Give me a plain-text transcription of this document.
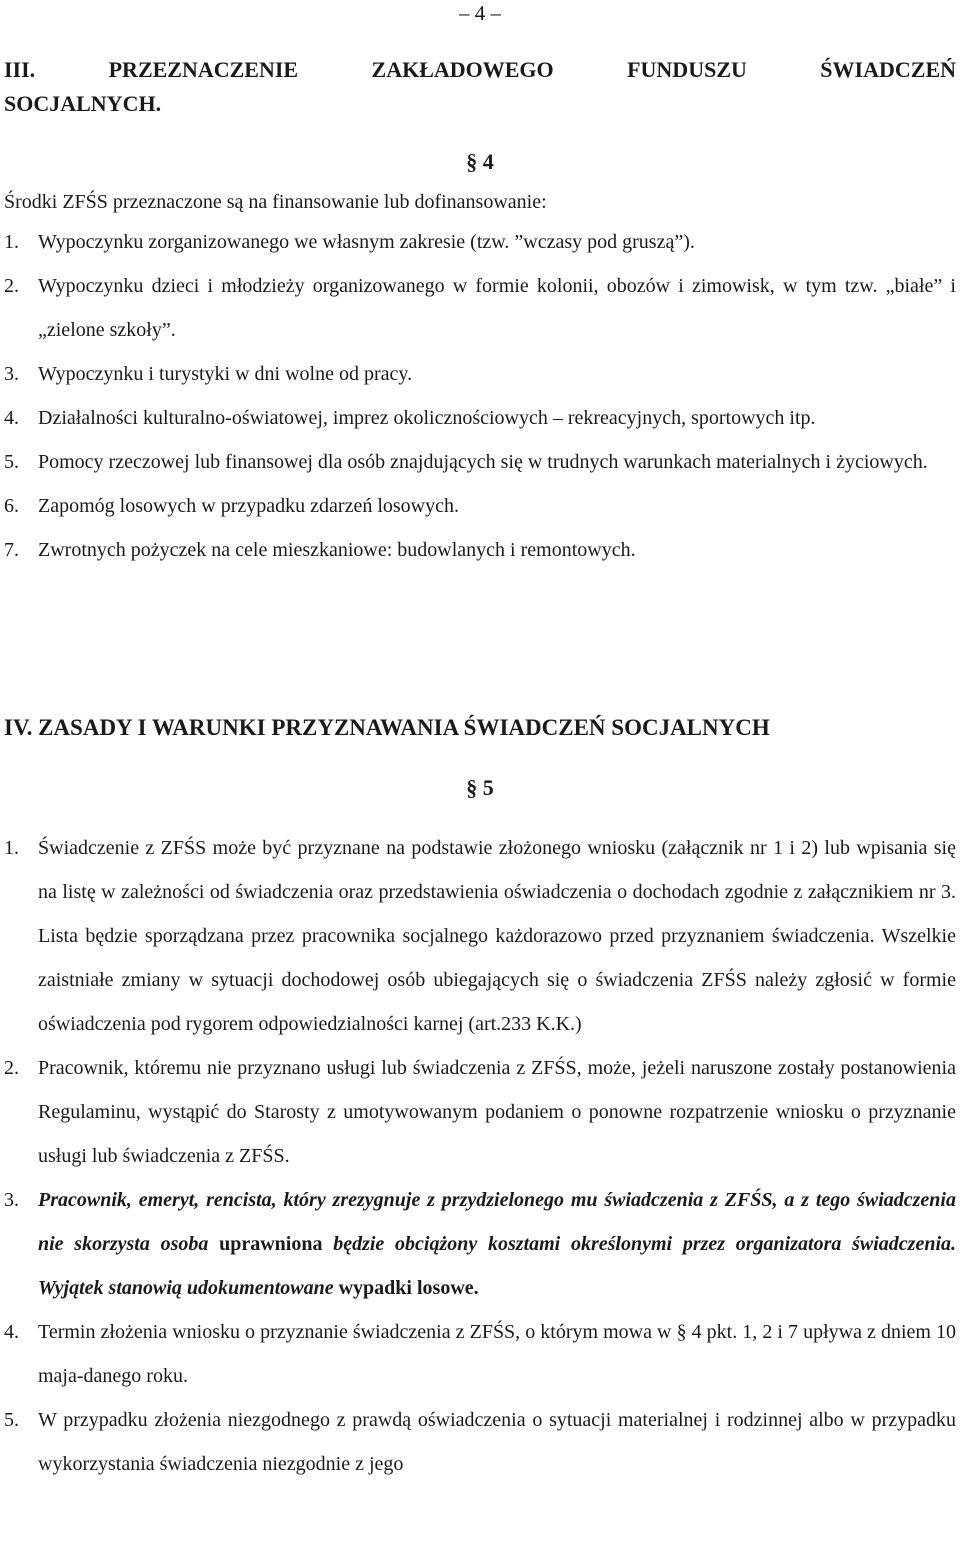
– 4 –
III. PRZEZNACZENIE ZAKŁADOWEGO FUNDUSZU ŚWIADCZEŃ
SOCJALNYCH.
§ 4
Środki ZFŚS przeznaczone są na finansowanie lub dofinansowanie:
1. Wypoczynku zorganizowanego we własnym zakresie (tzw. ”wczasy pod gruszą”).
2. Wypoczynku dzieci i młodzieży organizowanego w formie kolonii, obozów i zimowisk, w tym tzw. „białe” i „zielone szkoły”.
3. Wypoczynku i turystyki w dni wolne od pracy.
4. Działalności kulturalno-oświatowej, imprez okolicznościowych – rekreacyjnych, sportowych itp.
5. Pomocy rzeczowej lub finansowej dla osób znajdujących się w trudnych warunkach materialnych i życiowych.
6. Zapomóg losowych w przypadku zdarzeń losowych.
7. Zwrotnych pożyczek na cele mieszkaniowe: budowlanych i remontowych.
IV. ZASADY I WARUNKI PRZYZNAWANIA ŚWIADCZEŃ SOCJALNYCH
§ 5
1. Świadczenie z ZFŚS może być przyznane na podstawie złożonego wniosku (załącznik nr 1 i 2) lub wpisania się na listę w zależności od świadczenia oraz przedstawienia oświadczenia o dochodach zgodnie z załącznikiem nr 3. Lista będzie sporządzana przez pracownika socjalnego każdorazowo przed przyznaniem świadczenia. Wszelkie zaistniałe zmiany w sytuacji dochodowej osób ubiegających się o świadczenia ZFŚS należy zgłosić w formie oświadczenia pod rygorem odpowiedzialności karnej (art.233 K.K.)
2. Pracownik, któremu nie przyznano usługi lub świadczenia z ZFŚS, może, jeżeli naruszone zostały postanowienia Regulaminu, wystąpić do Starosty z umotywowanym podaniem o ponowne rozpatrzenie wniosku o przyznanie usługi lub świadczenia z ZFŚS.
3. Pracownik, emeryt, rencista, który zrezygnuje z przydzielonego mu świadczenia z ZFŚS, a z tego świadczenia nie skorzysta osoba uprawniona będzie obciążony kosztami określonymi przez organizatora świadczenia. Wyjątek stanowią udokumentowane wypadki losowe.
4. Termin złożenia wniosku o przyznanie świadczenia z ZFŚS, o którym mowa w § 4 pkt. 1, 2 i 7 upływa z dniem 10 maja-danego roku.
5. W przypadku złożenia niezgodnego z prawdą oświadczenia o sytuacji materialnej i rodzinnej albo w przypadku wykorzystania świadczenia niezgodnie z jego
